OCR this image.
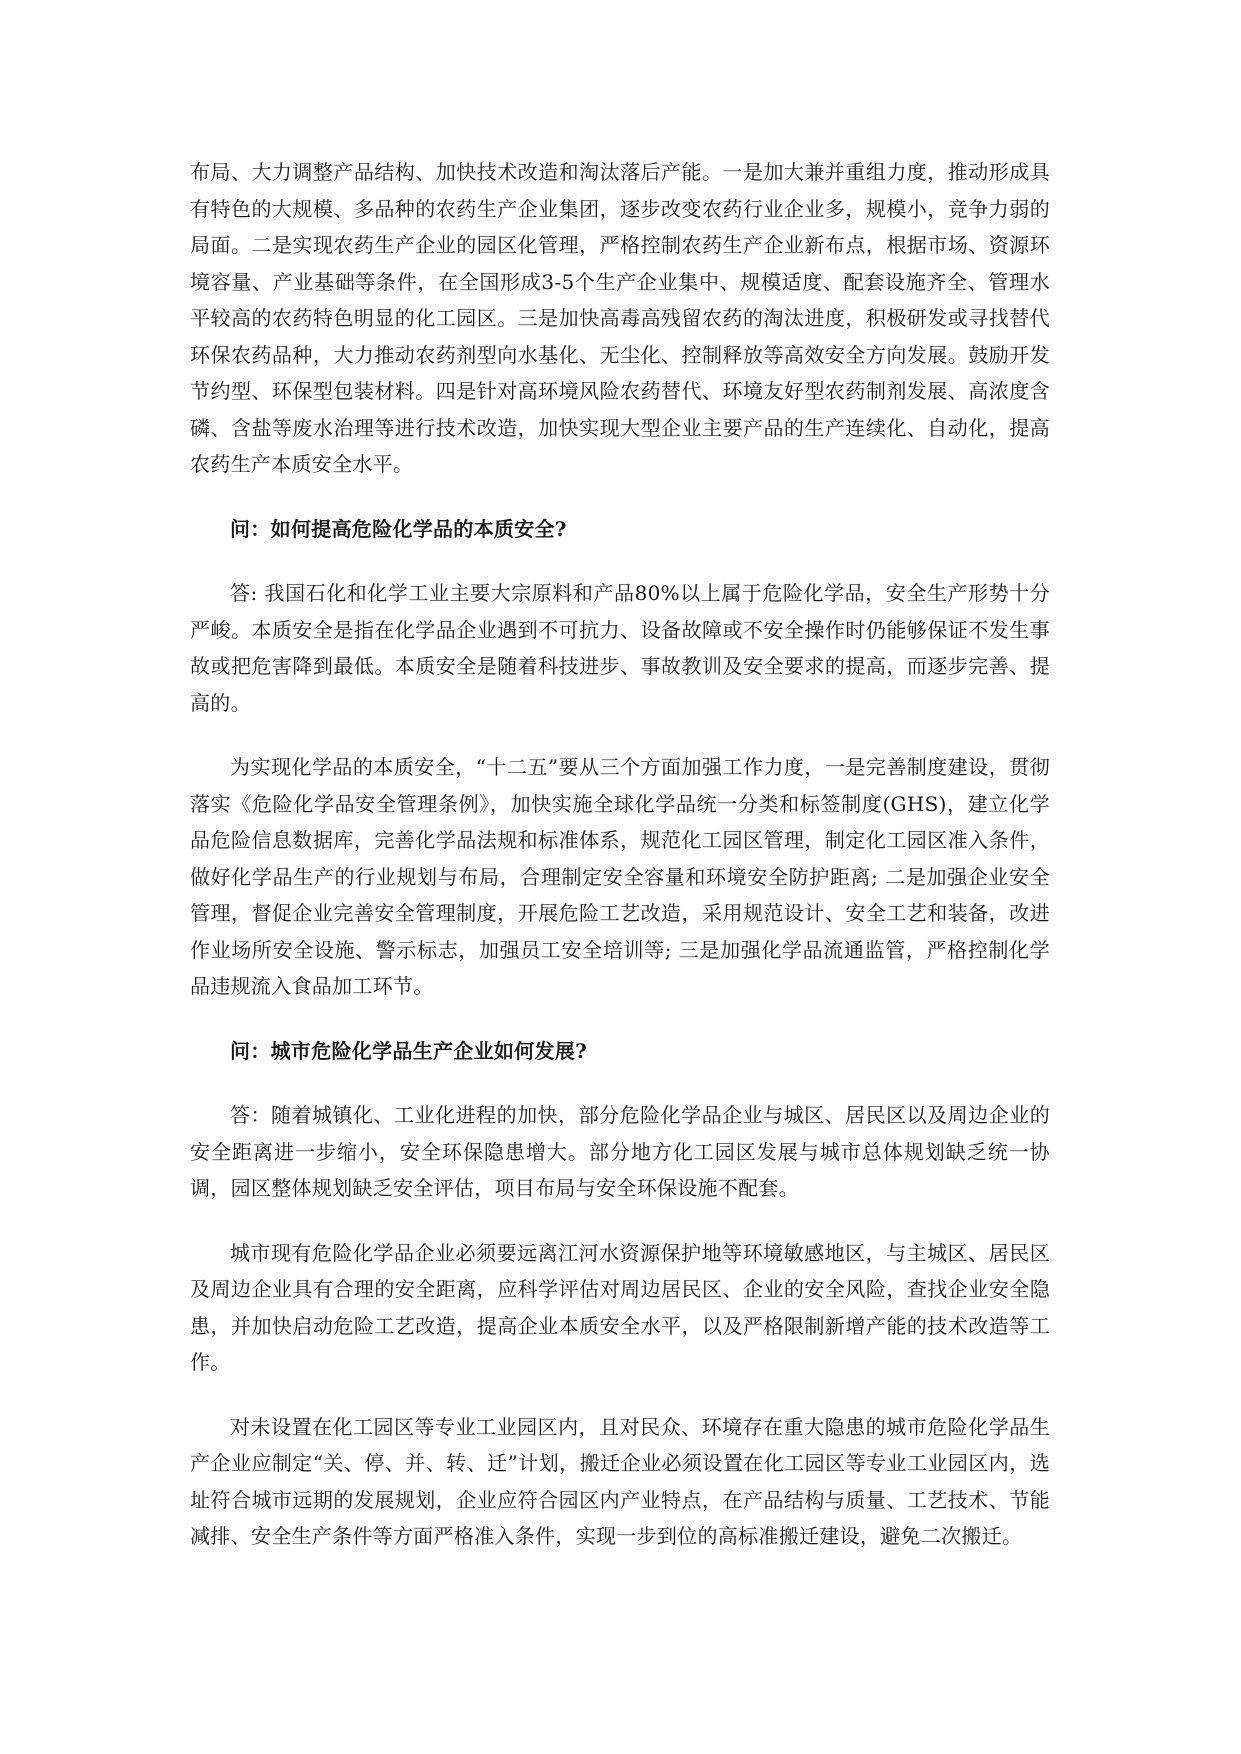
布局、大力调整产品结构、加快技术改造和淘汰落后产能。一是加大兼并重组力度，推动形成具有特色的大规模、多品种的农药生产企业集团，逐步改变农药行业企业多，规模小，竞争力弱的局面。二是实现农药生产企业的园区化管理，严格控制农药生产企业新布点，根据市场、资源环境容量、产业基础等条件，在全国形成3-5个生产企业集中、规模适度、配套设施齐全、管理水平较高的农药特色明显的化工园区。三是加快高毒高残留农药的淘汰进度，积极研发或寻找替代环保农药品种，大力推动农药剂型向水基化、无尘化、控制释放等高效安全方向发展。鼓励开发节约型、环保型包装材料。四是针对高环境风险农药替代、环境友好型农药制剂发展、高浓度含磷、含盐等废水治理等进行技术改造，加快实现大型企业主要产品的生产连续化、自动化，提高农药生产本质安全水平。

问：如何提高危险化学品的本质安全?

答: 我国石化和化学工业主要大宗原料和产品80%以上属于危险化学品，安全生产形势十分严峻。本质安全是指在化学品企业遇到不可抗力、设备故障或不安全操作时仍能够保证不发生事故或把危害降到最低。本质安全是随着科技进步、事故教训及安全要求的提高，而逐步完善、提高的。

为实现化学品的本质安全，“十二五”要从三个方面加强工作力度，一是完善制度建设，贯彻落实《危险化学品安全管理条例》，加快实施全球化学品统一分类和标签制度(GHS)，建立化学品危险信息数据库，完善化学品法规和标准体系，规范化工园区管理，制定化工园区准入条件，做好化学品生产的行业规划与布局，合理制定安全容量和环境安全防护距离; 二是加强企业安全管理，督促企业完善安全管理制度，开展危险工艺改造，采用规范设计、安全工艺和装备，改进作业场所安全设施、警示标志，加强员工安全培训等; 三是加强化学品流通监管，严格控制化学品违规流入食品加工环节。

问：城市危险化学品生产企业如何发展?

答：随着城镇化、工业化进程的加快，部分危险化学品企业与城区、居民区以及周边企业的安全距离进一步缩小，安全环保隐患增大。部分地方化工园区发展与城市总体规划缺乏统一协调，园区整体规划缺乏安全评估，项目布局与安全环保设施不配套。

城市现有危险化学品企业必须要远离江河水资源保护地等环境敏感地区，与主城区、居民区及周边企业具有合理的安全距离，应科学评估对周边居民区、企业的安全风险，查找企业安全隐患，并加快启动危险工艺改造，提高企业本质安全水平，以及严格限制新增产能的技术改造等工作。

对未设置在化工园区等专业工业园区内，且对民众、环境存在重大隐患的城市危险化学品生产企业应制定“关、停、并、转、迁”计划，搬迁企业必须设置在化工园区等专业工业园区内，选址符合城市远期的发展规划，企业应符合园区内产业特点，在产品结构与质量、工艺技术、节能减排、安全生产条件等方面严格准入条件，实现一步到位的高标准搬迁建设，避免二次搬迁。
